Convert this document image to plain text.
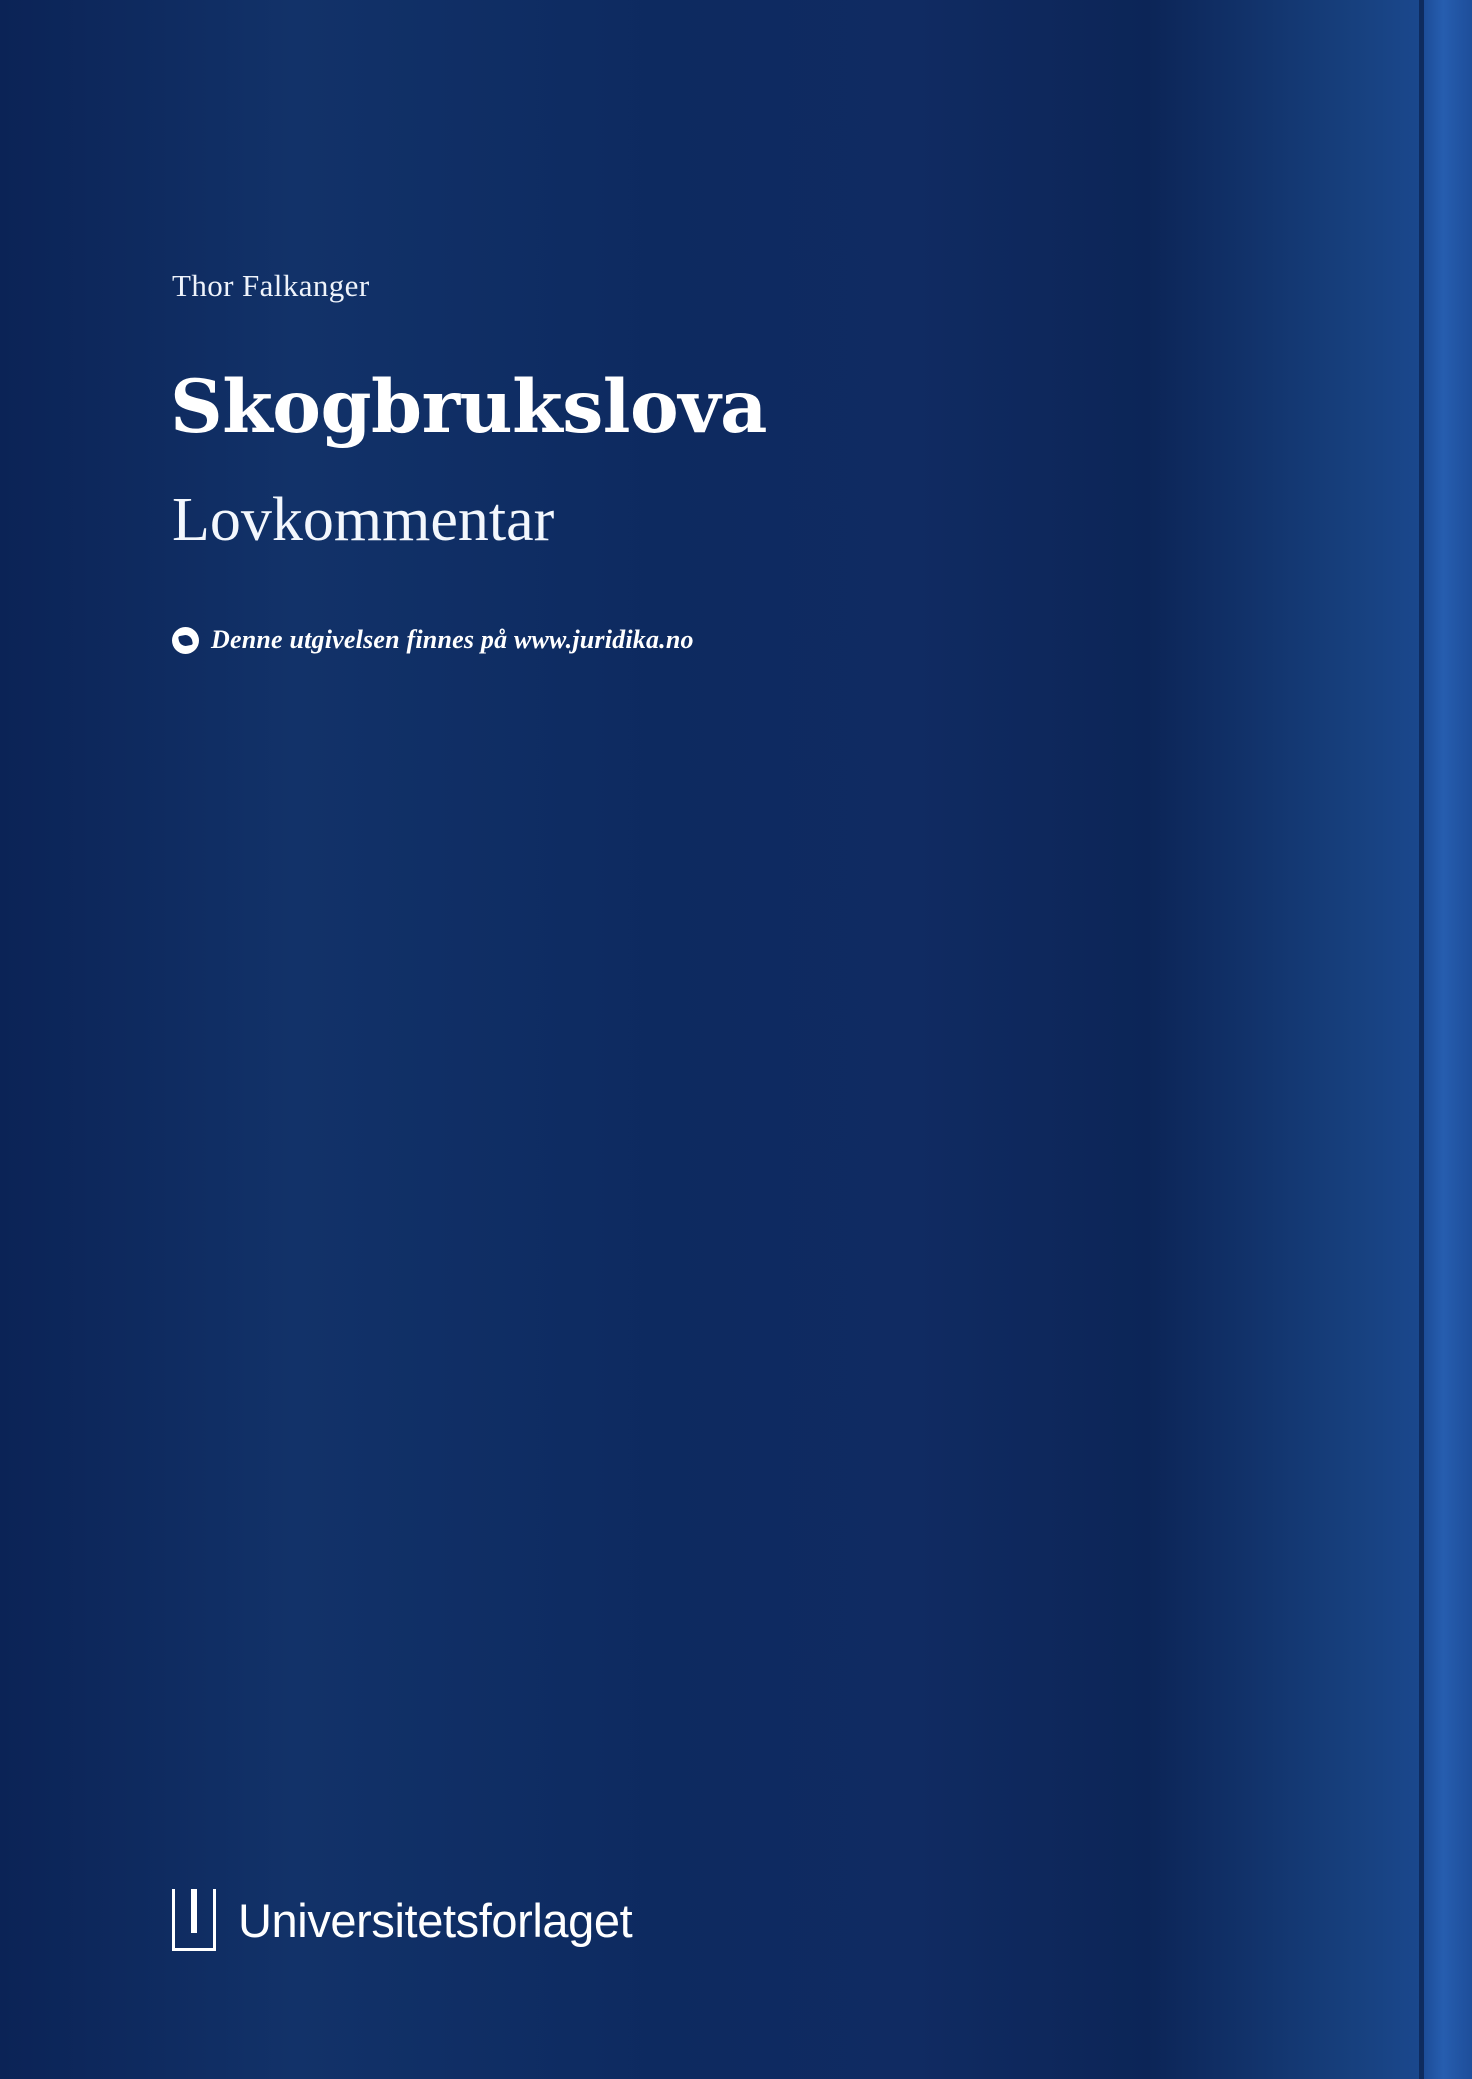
Thor Falkanger
Skogbrukslova
Lovkommentar
Denne utgivelsen finnes på www.juridika.no
Universitetsforlaget
